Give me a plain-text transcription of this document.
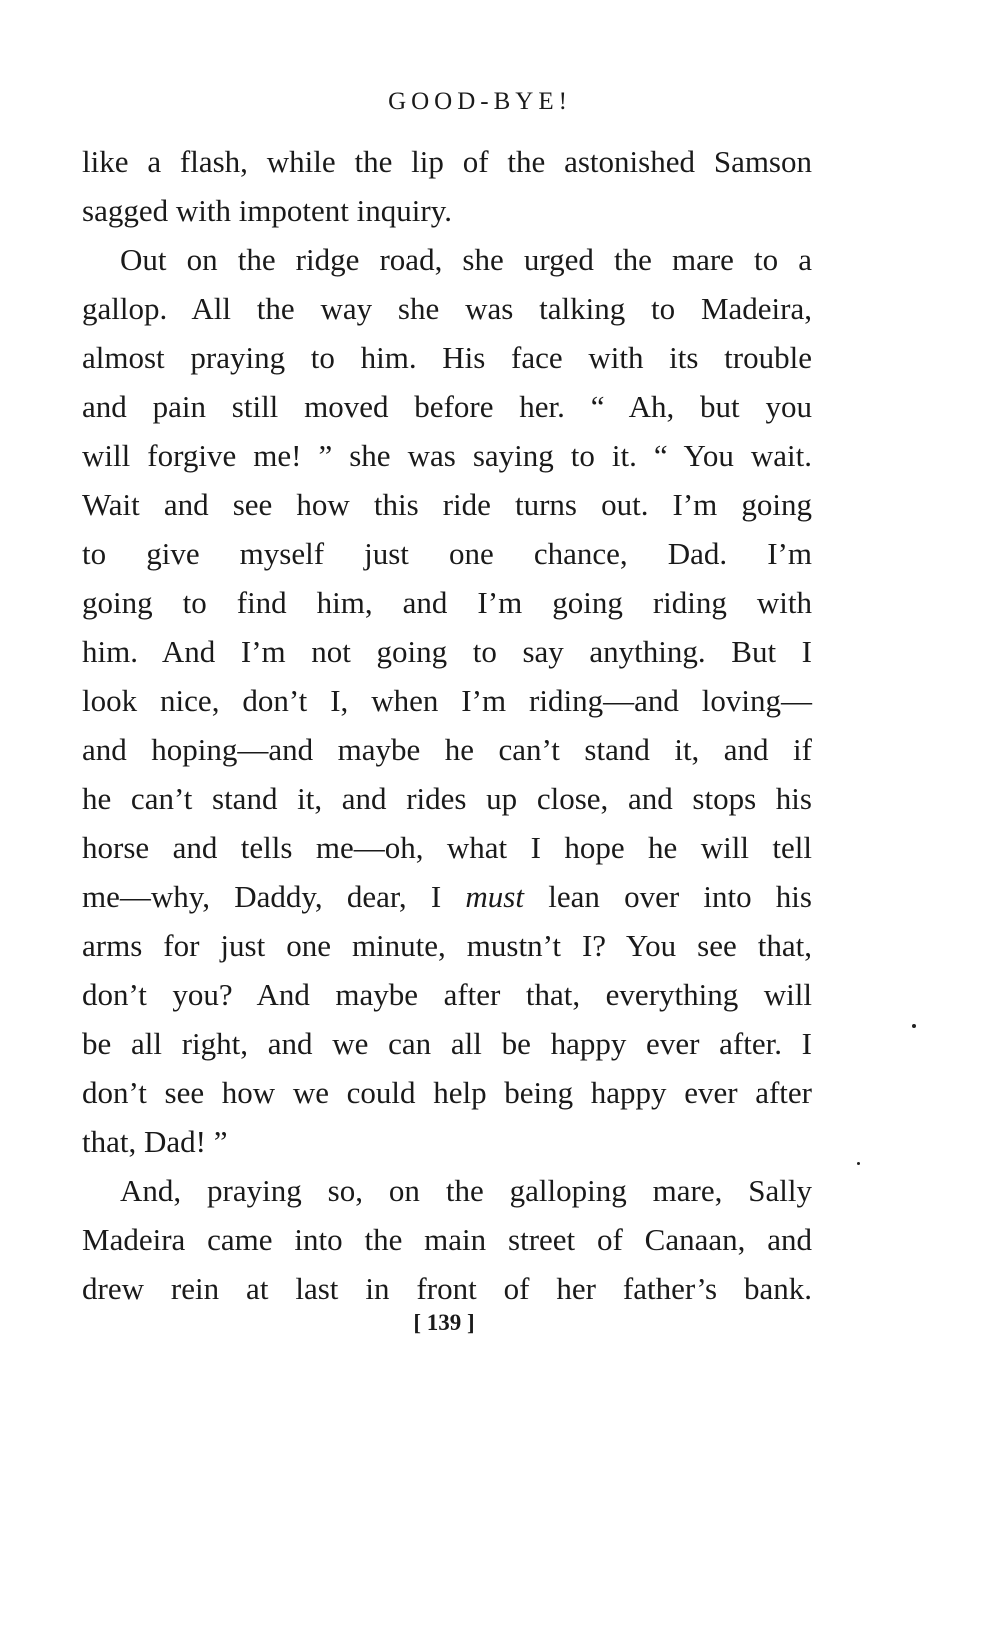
GOOD-BYE!
like a flash, while the lip of the astonished Samson
sagged with impotent inquiry.
Out on the ridge road, she urged the mare to a
gallop. All the way she was talking to Madeira,
almost praying to him. His face with its trouble
and pain still moved before her. “ Ah, but you
will forgive me! ” she was saying to it. “ You wait.
Wait and see how this ride turns out. I’m going
to give myself just one chance, Dad. I’m
going to find him, and I’m going riding with
him. And I’m not going to say anything. But I
look nice, don’t I, when I’m riding—and loving—
and hoping—and maybe he can’t stand it, and if
he can’t stand it, and rides up close, and stops his
horse and tells me—oh, what I hope he will tell
me—why, Daddy, dear, I must lean over into his
arms for just one minute, mustn’t I? You see that,
don’t you? And maybe after that, everything will
be all right, and we can all be happy ever after. I
don’t see how we could help being happy ever after
that, Dad! ”
And, praying so, on the galloping mare, Sally
Madeira came into the main street of Canaan, and
drew rein at last in front of her father’s bank.
[ 139 ]
